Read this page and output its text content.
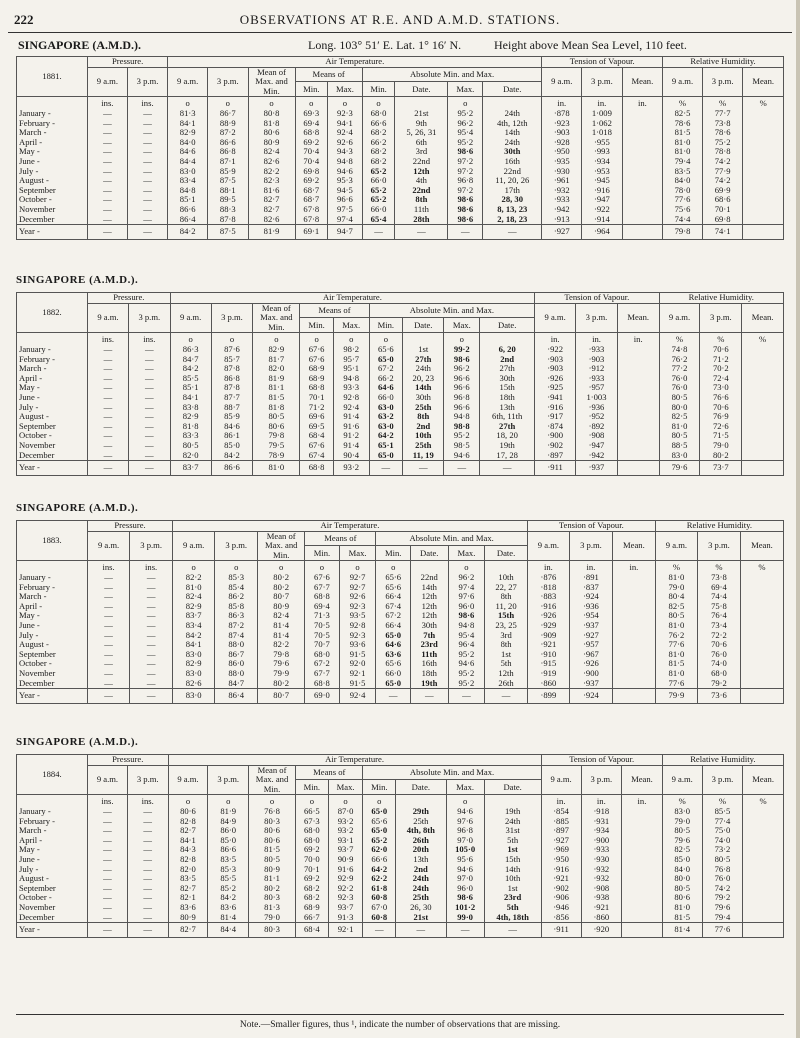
222	OBSERVATIONS AT R.E. AND A.M.D. STATIONS.
SINGAPORE (A.M.D.).	Long. 103° 51′ E. Lat. 1° 16′ N.	Height above Mean Sea Level, 110 feet.
1881.	Pressure.		Air Temperature.									Tension of Vapour.			Relative Humidity.		
	9 a.m.	3 p.m.	9 a.m.	3 p.m.	Mean of Max. and Min.	Means of		Absolute Min. and Max.				9 a.m.	3 p.m.	Mean.	9 a.m.	3 p.m.	Mean.
						Min.	Max.	Min.	Date.	Max.	Date.						
	ins.	ins.	o	o	o	o	o	o		o		in.	in.	in.	%	%	%
January -	—	—	81·3	86·7	80·8	69·3	92·3	68·0	21st	95·2	24th	·878	1·009		82·5	77·7	
February -	—	—	84·1	88·9	81·8	69·4	94·1	66·6	9th	96·2	4th, 12th	·923	1·062		78·6	73·8	
March -	—	—	82·9	87·2	80·6	68·8	92·4	68·2	5, 26, 31	95·4	14th	·903	1·018		81·5	78·6	
April -	—	—	84·0	86·6	80·9	69·2	92·6	66·2	6th	95·2	24th	·928	·955		81·0	75·2	
May -	—	—	84·6	86·8	82·4	70·4	94·3	68·2	3rd	98·6	30th	·950	·993		81·0	78·8	
June -	—	—	84·4	87·1	82·6	70·4	94·8	68·2	22nd	97·2	16th	·935	·934		79·4	74·2	
July -	—	—	83·0	85·9	82·2	69·8	94·6	65·2	12th	97·2	22nd	·930	·953		83·5	77·9	
August -	—	—	83·4	87·5	82·3	69·2	95·3	66·0	4th	96·8	11, 20, 26	·961	·945		84·0	74·2	
September	—	—	84·8	88·1	81·6	68·7	94·5	65·2	22nd	97·2	17th	·932	·916		78·0	69·9	
October -	—	—	85·1	89·5	82·7	68·7	96·6	65·2	8th	98·6	28, 30	·933	·947		77·6	68·6	
November	—	—	86·6	88·3	82·7	67·8	97·5	66·0	11th	98·6	8, 13, 23	·942	·922		75·6	70·1	
December	—	—	86·4	87·8	82·6	67·8	97·4	65·4	28th	98·6	2, 18, 23	·913	·914		74·4	69·8	
Year -	—	—	84·2	87·5	81·9	69·1	94·7	—	—	—	—	·927	·964		79·8	74·1	
SINGAPORE (A.M.D.).
1882.	Pressure.		Air Temperature.									Tension of Vapour.			Relative Humidity.		
	9 a.m.	3 p.m.	9 a.m.	3 p.m.	Mean of Max. and Min.	Means of		Absolute Min. and Max.				9 a.m.	3 p.m.	Mean.	9 a.m.	3 p.m.	Mean.
						Min.	Max.	Min.	Date.	Max.	Date.						
	ins.	ins.	o	o	o	o	o	o		o		in.	in.	in.	%	%	%
January -	—	—	86·3	87·6	82·9	67·6	98·2	65·6	1st	99·2	6, 20	·922	·933		74·8	70·6	
February -	—	—	84·7	85·7	81·7	67·6	95·7	65·0	27th	98·6	2nd	·903	·903		76·2	71·2	
March -	—	—	84·2	87·8	82·0	68·9	95·1	67·2	24th	96·2	27th	·903	·912		77·2	70·2	
April -	—	—	85·5	86·8	81·9	68·9	94·8	66·2	20, 23	96·6	30th	·926	·933		76·0	72·4	
May -	—	—	85·1	87·8	81·1	68·8	93·3	64·6	14th	96·6	15th	·925	·957		76·0	73·0	
June -	—	—	84·1	87·7	81·5	70·1	92·8	66·0	30th	96·8	18th	·941	1·003		80·5	76·6	
July -	—	—	83·8	88·7	81·8	71·2	92·4	63·0	25th	96·6	13th	·916	·936		80·0	70·6	
August -	—	—	82·9	85·9	80·5	69·6	91·4	63·2	8th	94·8	6th, 11th	·917	·952		82·5	76·9	
September	—	—	81·8	84·6	80·6	69·5	91·6	63·0	2nd	98·8	27th	·874	·892		81·0	72·6	
October -	—	—	83·3	86·1	79·8	68·4	91·2	64·2	10th	95·2	18, 20	·900	·908		80·5	71·5	
November	—	—	80·5	85·0	79·5	67·6	91·4	65·1	25th	98·5	19th	·902	·947		88·5	79·0	
December	—	—	82·0	84·2	78·9	67·4	90·4	65·0	11, 19	94·6	17, 28	·897	·942		83·0	80·2	
Year -	—	—	83·7	86·6	81·0	68·8	93·2	—	—	—	—	·911	·937		79·6	73·7	
SINGAPORE (A.M.D.).
1883.	Pressure.		Air Temperature.									Tension of Vapour.			Relative Humidity.		
	9 a.m.	3 p.m.	9 a.m.	3 p.m.	Mean of Max. and Min.	Means of		Absolute Min. and Max.				9 a.m.	3 p.m.	Mean.	9 a.m.	3 p.m.	Mean.
						Min.	Max.	Min.	Date.	Max.	Date.						
	ins.	ins.	o	o	o	o	o	o		o		in.	in.	in.	%	%	%
January -	—	—	82·2	85·3	80·2	67·6	92·7	65·6	22nd	96·2	10th	·876	·891		81·0	73·8	
February -	—	—	81·0	85·4	80·2	67·7	92·7	65·6	14th	97·4	22, 27	·818	·837		79·0	69·4	
March -	—	—	82·4	86·2	80·7	68·8	92·6	66·4	12th	97·6	8th	·883	·924		80·4	74·4	
April -	—	—	82·9	85·8	80·9	69·4	92·3	67·4	12th	96·0	11, 20	·916	·936		82·5	75·8	
May -	—	—	83·7	86·3	82·4	71·3	93·5	67·2	12th	98·6	15th	·926	·954		80·5	76·4	
June -	—	—	83·4	87·2	81·4	70·5	92·8	66·4	30th	94·8	23, 25	·929	·937		81·0	73·4	
July -	—	—	84·2	87·4	81·4	70·5	92·3	65·0	7th	95·4	3rd	·909	·927		76·2	72·2	
August -	—	—	84·1	88·0	82·2	70·7	93·6	64·6	23rd	96·4	8th	·921	·957		77·6	70·6	
September	—	—	83·0	86·7	79·8	68·0	91·5	63·6	11th	95·2	1st	·910	·967		81·0	76·0	
October -	—	—	82·9	86·0	79·6	67·2	92·0	65·6	16th	94·6	5th	·915	·926		81·5	74·0	
November	—	—	83·0	88·0	79·9	67·7	92·1	66·0	18th	95·2	12th	·919	·900		81·0	68·0	
December	—	—	82·6	84·7	80·2	68·8	91·5	65·0	19th	95·2	26th	·860	·937		77·6	79·2	
Year -	—	—	83·0	86·4	80·7	69·0	92·4	—	—	—	—	·899	·924		79·9	73·6	
SINGAPORE (A.M.D.).
1884.	Pressure.		Air Temperature.									Tension of Vapour.			Relative Humidity.		
	9 a.m.	3 p.m.	9 a.m.	3 p.m.	Mean of Max. and Min.	Means of		Absolute Min. and Max.				9 a.m.	3 p.m.	Mean.	9 a.m.	3 p.m.	Mean.
						Min.	Max.	Min.	Date.	Max.	Date.						
	ins.	ins.	o	o	o	o	o	o		o		in.	in.	in.	%	%	%
January -	—	—	80·6	81·9	76·8	66·5	87·0	65·0	29th	94·6	19th	·854	·918		83·0	85·5	
February -	—	—	82·8	84·9	80·3	67·3	93·2	65·6	25th	97·6	24th	·885	·931		79·0	77·4	
March -	—	—	82·7	86·0	80·6	68·0	93·2	65·0	4th, 8th	96·8	31st	·897	·934		80·5	75·0	
April -	—	—	84·1	85·0	80·6	68·0	93·1	65·2	26th	97·0	5th	·927	·900		79·6	74·0	
May -	—	—	84·3	86·6	81·5	69·2	93·7	62·0	20th	105·0	1st	·969	·933		82·5	73·2	
June -	—	—	82·8	83·5	80·5	70·0	90·9	66·6	13th	95·6	15th	·950	·930		85·0	80·5	
July -	—	—	82·0	85·3	80·9	70·1	91·6	64·2	2nd	94·6	14th	·916	·932		84·0	76·8	
August -	—	—	83·5	85·5	81·1	69·2	92·9	62·2	24th	97·0	10th	·921	·932		80·0	76·0	
September	—	—	82·7	85·2	80·2	68·2	92·2	61·8	24th	96·0	1st	·902	·908		80·5	74·2	
October -	—	—	82·1	84·2	80·3	68·2	92·3	60·8	25th	98·6	23rd	·906	·938		80·6	79·2	
November	—	—	83·6	83·6	81·3	68·9	93·7	67·0	26, 30	101·2	5th	·946	·921		81·0	79·6	
December	—	—	80·9	81·4	79·0	66·7	91·3	60·8	21st	99·0	4th, 18th	·856	·860		81·5	79·4	
Year -	—	—	82·7	84·4	80·3	68·4	92·1	—	—	—	—	·911	·920		81·4	77·6	
Note.—Smaller figures, thus ¹, indicate the number of observations that are missing.
